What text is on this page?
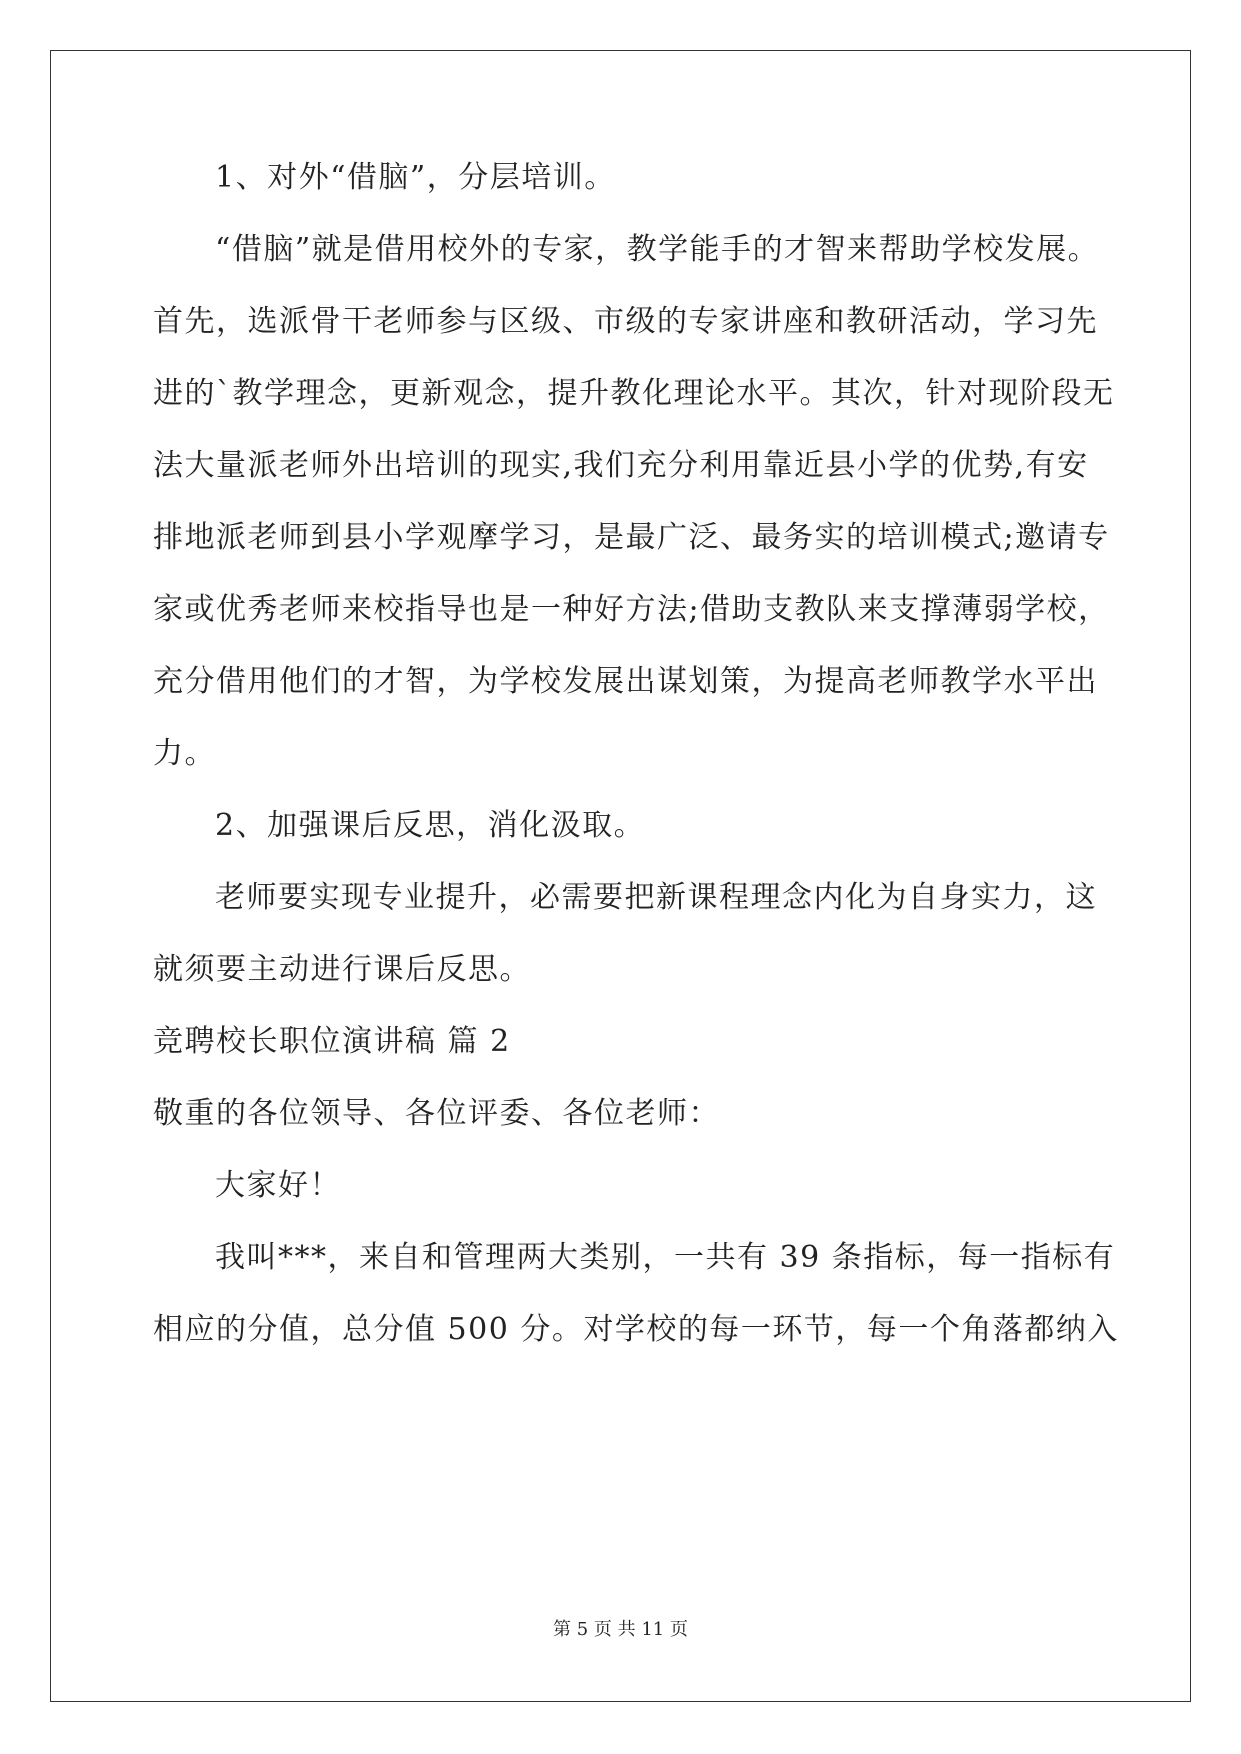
1、对外“借脑”，分层培训。
“借脑”就是借用校外的专家，教学能手的才智来帮助学校发展。
首先，选派骨干老师参与区级、市级的专家讲座和教研活动，学习先
进的`教学理念，更新观念，提升教化理论水平。其次，针对现阶段无
法大量派老师外出培训的现实,我们充分利用靠近县小学的优势,有安
排地派老师到县小学观摩学习，是最广泛、最务实的培训模式;邀请专
家或优秀老师来校指导也是一种好方法;借助支教队来支撑薄弱学校，
充分借用他们的才智，为学校发展出谋划策，为提高老师教学水平出
力。
2、加强课后反思，消化汲取。
老师要实现专业提升，必需要把新课程理念内化为自身实力，这
就须要主动进行课后反思。
竞聘校长职位演讲稿 篇 2
敬重的各位领导、各位评委、各位老师：
大家好！
我叫***，来自和管理两大类别，一共有 39 条指标，每一指标有
相应的分值，总分值 500 分。对学校的每一环节，每一个角落都纳入
第 5 页 共 11 页
